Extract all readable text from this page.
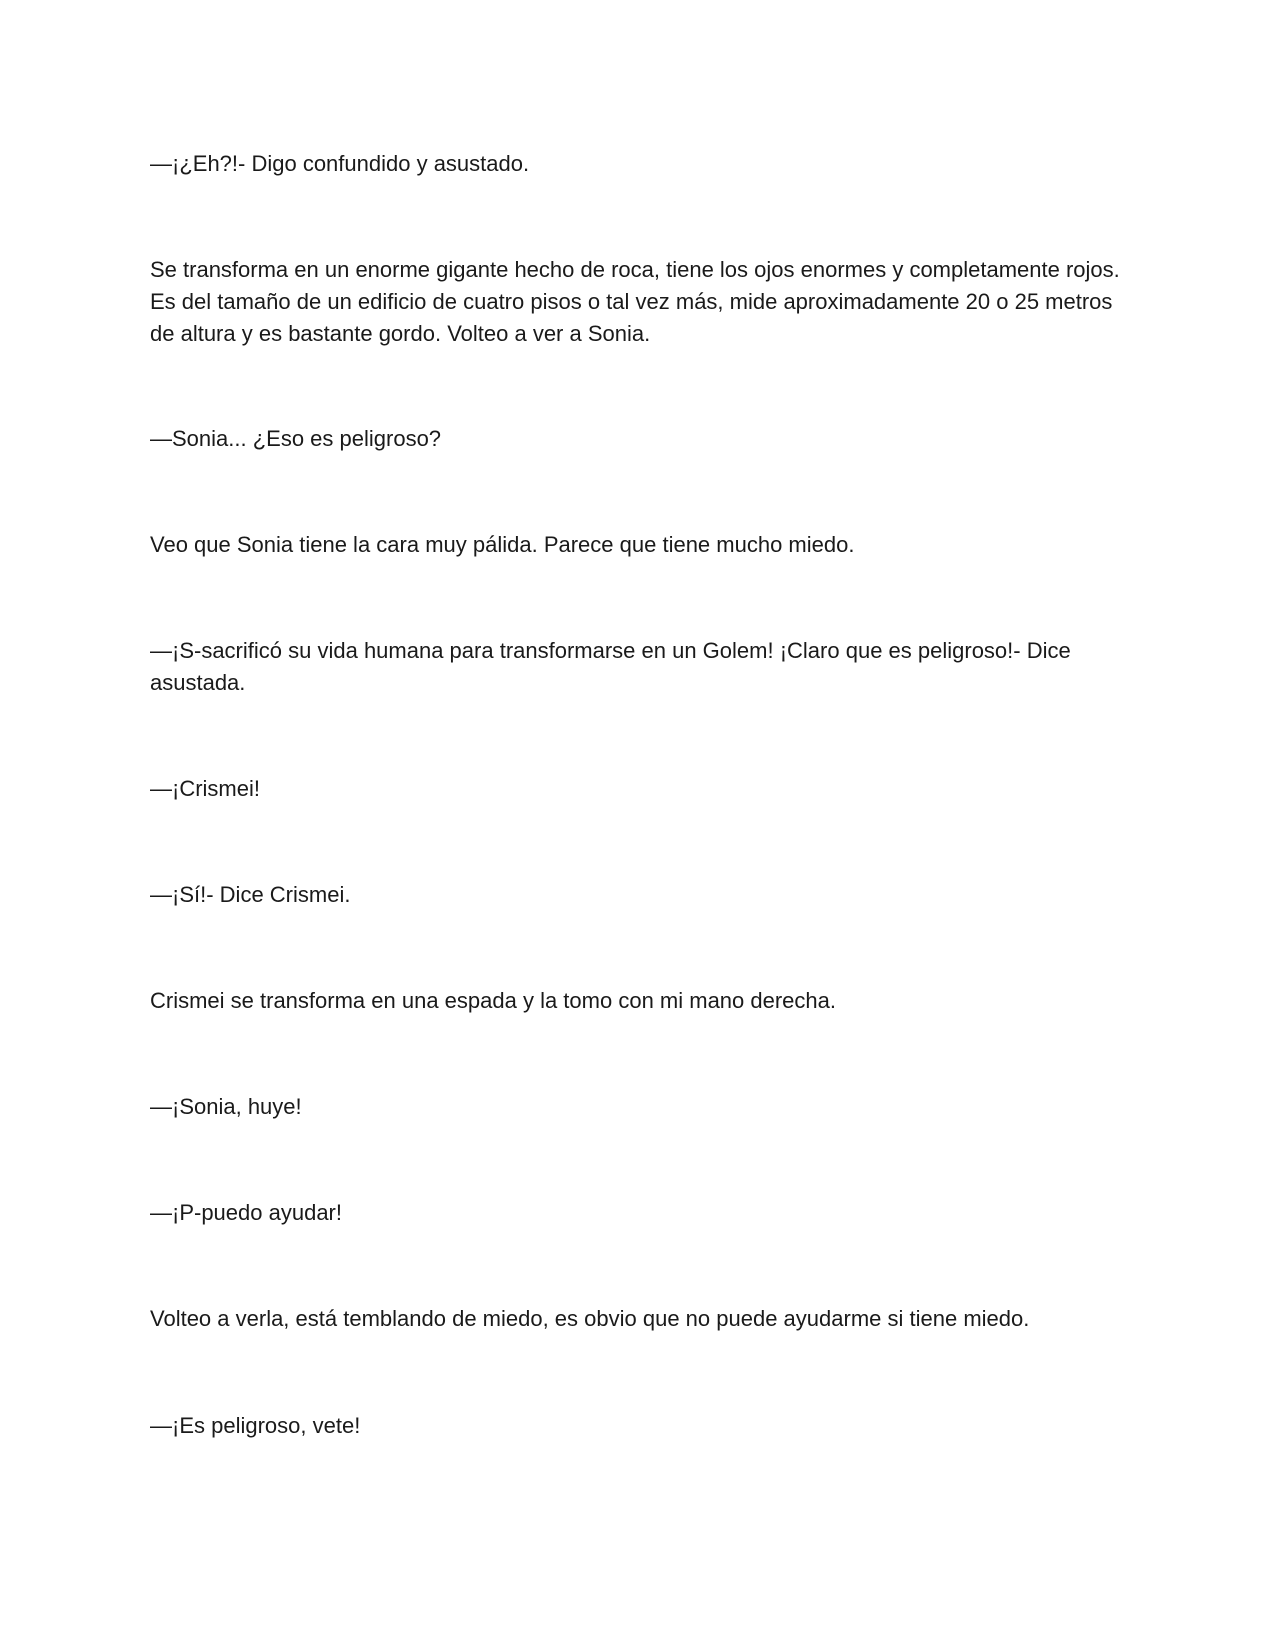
—¡¿Eh?!- Digo confundido y asustado.

Se transforma en un enorme gigante hecho de roca, tiene los ojos enormes y completamente rojos. Es del tamaño de un edificio de cuatro pisos o tal vez más, mide aproximadamente 20 o 25 metros de altura y es bastante gordo. Volteo a ver a Sonia.

—Sonia... ¿Eso es peligroso?

Veo que Sonia tiene la cara muy pálida. Parece que tiene mucho miedo.

—¡S-sacrificó su vida humana para transformarse en un Golem! ¡Claro que es peligroso!- Dice asustada.

—¡Crismei!

—¡Sí!- Dice Crismei.

Crismei se transforma en una espada y la tomo con mi mano derecha.

—¡Sonia, huye!

—¡P-puedo ayudar!

Volteo a verla, está temblando de miedo, es obvio que no puede ayudarme si tiene miedo.

—¡Es peligroso, vete!
